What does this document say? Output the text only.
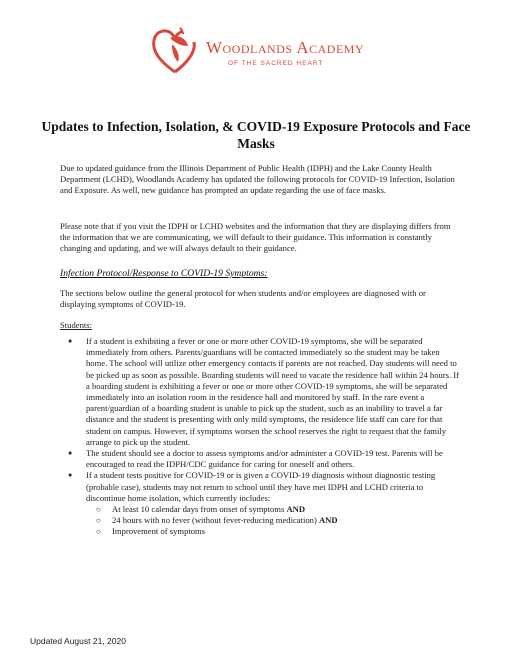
Woodlands Academy
OF THE SACRED HEART
Updates to Infection, Isolation, & COVID-19 Exposure Protocols and Face Masks
Due to updated guidance from the Illinois Department of Public Health (IDPH) and the Lake County Health Department (LCHD), Woodlands Academy has updated the following protocols for COVID-19 Infection, Isolation and Exposure. As well, new guidance has prompted an update regarding the use of face masks.
Please note that if you visit the IDPH or LCHD websites and the information that they are displaying differs from the information that we are communicating, we will default to their guidance. This information is constantly changing and updating, and we will always default to their guidance.
Infection Protocol/Response to COVID-19 Symptoms:
The sections below outline the general protocol for when students and/or employees are diagnosed with or displaying symptoms of COVID-19.
Students:
● If a student is exhibiting a fever or one or more other COVID-19 symptoms, she will be separated immediately from others. Parents/guardians will be contacted immediately so the student may be taken home. The school will utilize other emergency contacts if parents are not reached. Day students will need to be picked up as soon as possible. Boarding students will need to vacate the residence hall within 24 hours. If a boarding student is exhibiting a fever or one or more other COVID-19 symptoms, she will be separated immediately into an isolation room in the residence hall and monitored by staff. In the rare event a parent/guardian of a boarding student is unable to pick up the student, such as an inability to travel a far distance and the student is presenting with only mild symptoms, the residence life staff can care for that student on campus. However, if symptoms worsen the school reserves the right to request that the family arrange to pick up the student.
● The student should see a doctor to assess symptoms and/or administer a COVID-19 test. Parents will be encouraged to read the IDPH/CDC guidance for caring for oneself and others.
● If a student tests positive for COVID-19 or is given a COVID-19 diagnosis without diagnostic testing (probable case), students may not return to school until they have met IDPH and LCHD criteria to discontinue home isolation, which currently includes:
○ At least 10 calendar days from onset of symptoms AND
○ 24 hours with no fever (without fever-reducing medication) AND
○ Improvement of symptoms
Updated August 21, 2020
